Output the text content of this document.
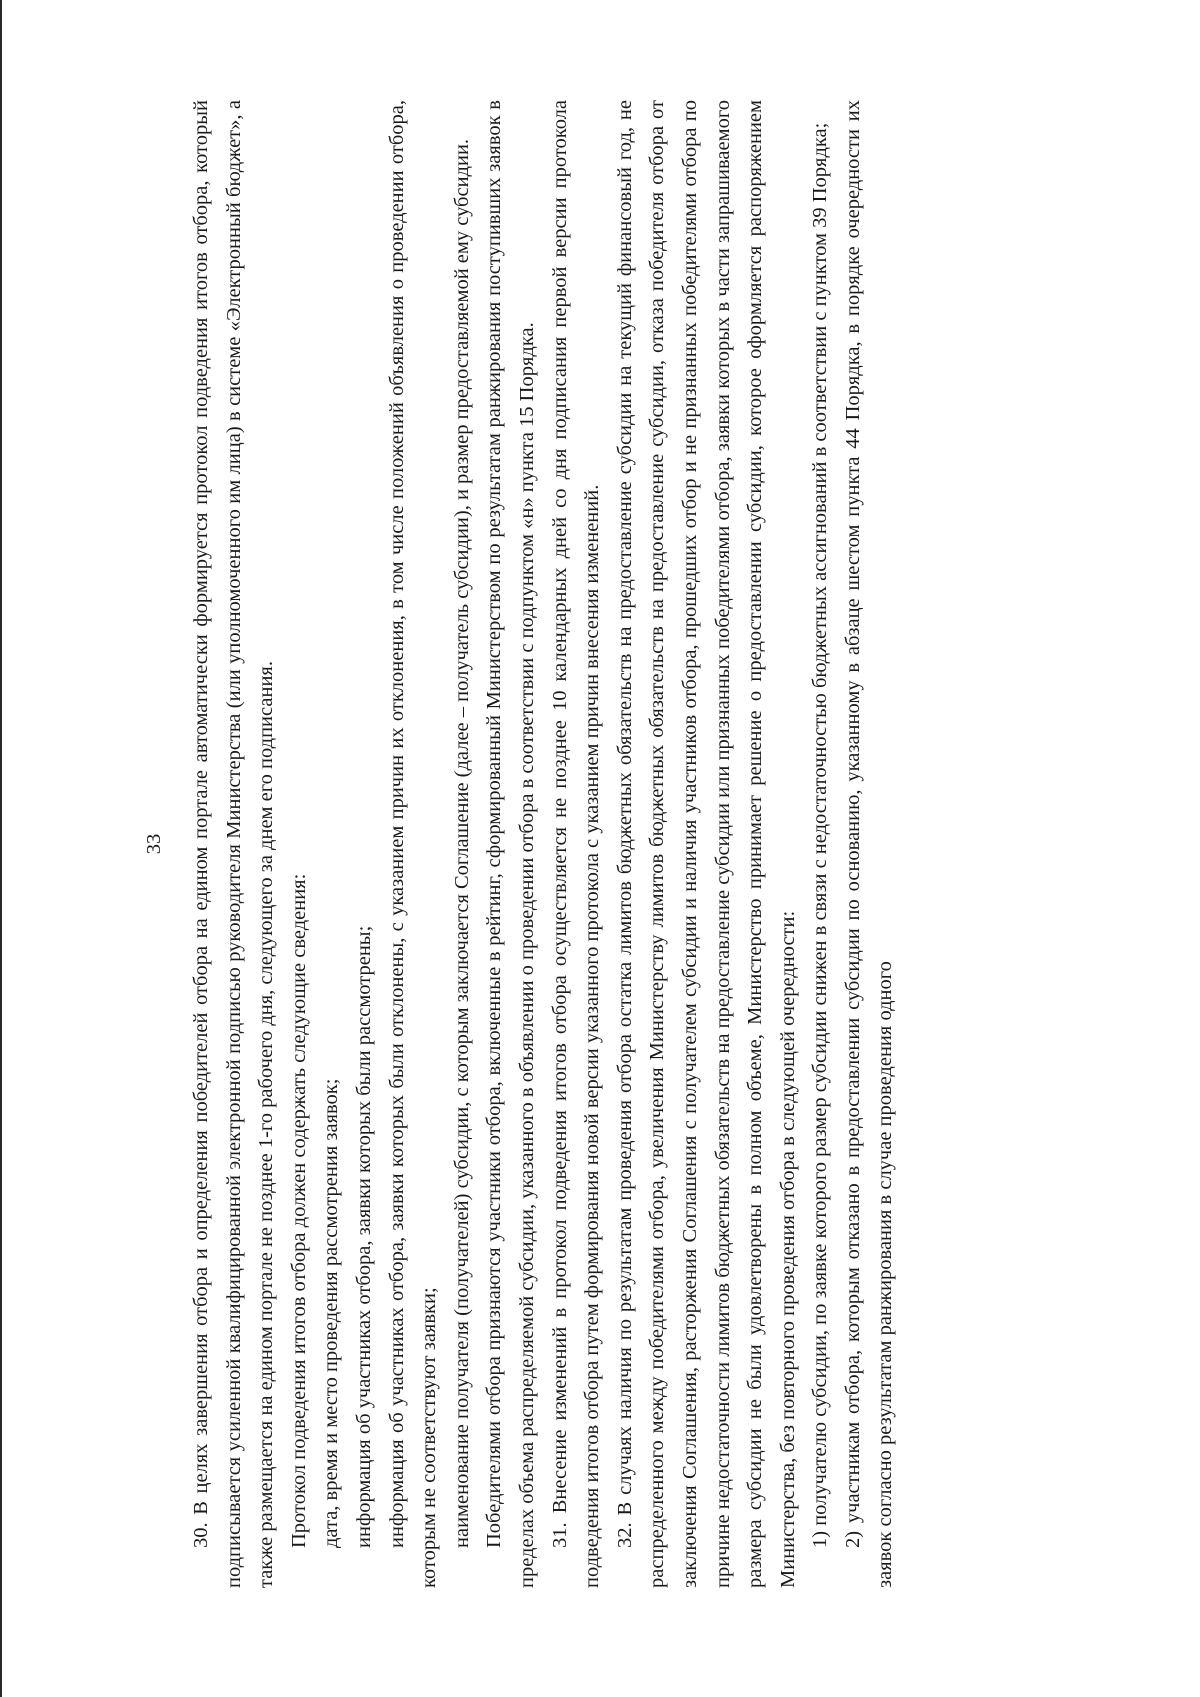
33 30. В целях завершения отбора и определения победителей отбора на едином портале автоматически формируется протокол подведения итогов отбора, который подписывается усиленной квалифицированной электронной подписью руководителя Министерства (или уполномоченного им лица) в системе «Электронный бюджет», а также размещается на едином портале не позднее 1-го рабочего дня, следующего за днем его подписания. Протокол подведения итогов отбора должен содержать следующие сведения: дата, время и место проведения рассмотрения заявок; информация об участниках отбора, заявки которых были рассмотрены; информация об участниках отбора, заявки которых были отклонены, с указанием причин их отклонения, в том числе положений объявления о проведении отбора, которым не соответствуют заявки; наименование получателя (получателей) субсидии, с которым заключается Соглашение (далее – получатель субсидии), и размер предоставляемой ему субсидии. Победителями отбора признаются участники отбора, включенные в рейтинг, сформированный Министерством по результатам ранжирования поступивших заявок в пределах объема распределяемой субсидии, указанного в объявлении о проведении отбора в соответствии с подпунктом «н» пункта 15 Порядка. 31. Внесение изменений в протокол подведения итогов отбора осуществляется не позднее 10 календарных дней со дня подписания первой версии протокола подведения итогов отбора путем формирования новой версии указанного протокола с указанием причин внесения изменений. 32. В случаях наличия по результатам проведения отбора остатка лимитов бюджетных обязательств на предоставление субсидии на текущий финансовый год, не распределенного между победителями отбора, увеличения Министерству лимитов бюджетных обязательств на предоставление субсидии, отказа победителя отбора от заключения Соглашения, расторжения Соглашения с получателем субсидии и наличия участников отбора, прошедших отбор и не признанных победителями отбора по причине недостаточности лимитов бюджетных обязательств на предоставление субсидии или признанных победителями отбора, заявки которых в части запрашиваемого размера субсидии не были удовлетворены в полном объеме, Министерство принимает решение о предоставлении субсидии, которое оформляется распоряжением Министерства, без повторного проведения отбора в следующей очередности: 1) получателю субсидии, по заявке которого размер субсидии снижен в связи с недостаточностью бюджетных ассигнований в соответствии с пунктом 39 Порядка; 2) участникам отбора, которым отказано в предоставлении субсидии по основанию, указанному в абзаце шестом пункта 44 Порядка, в порядке очередности их заявок согласно результатам ранжирования в случае проведения одного
